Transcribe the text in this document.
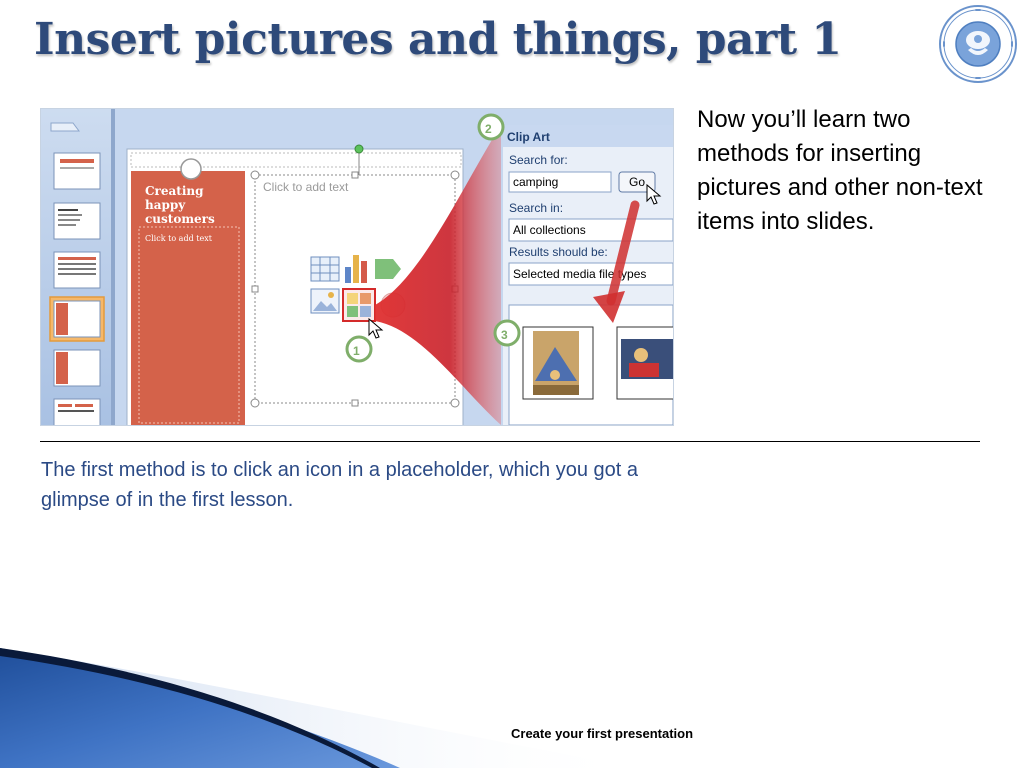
Insert pictures and things, part 1
Creating
happy
customers
Click to add text
Click to add text
Clip Art
Search for:
camping	Go
Search in:
All collections
Results should be:
Selected media file types
1
2
3

Now you’ll learn two methods for inserting pictures and other non-text items into slides.

The first method is to click an icon in a placeholder, which you got a glimpse of in the first lesson.

Create your first presentation
